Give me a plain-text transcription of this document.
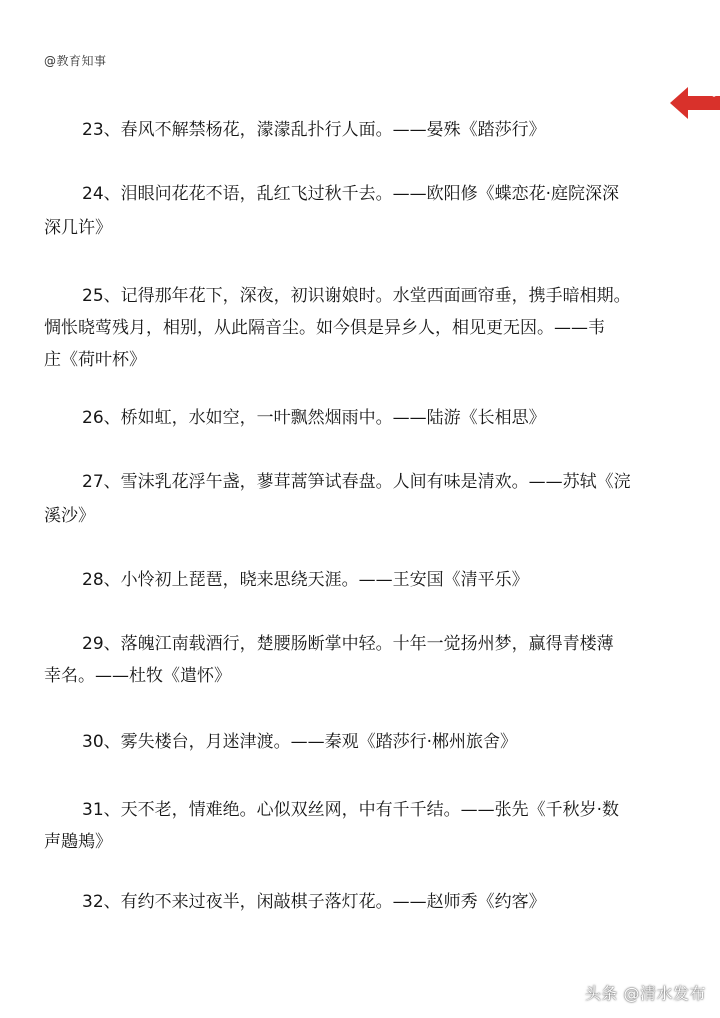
@教育知事
1
23、春风不解禁杨花，濛濛乱扑行人面。——晏殊《踏莎行》
24、泪眼问花花不语，乱红飞过秋千去。——欧阳修《蝶恋花·庭院深深
深几许》
25、记得那年花下，深夜，初识谢娘时。水堂西面画帘垂，携手暗相期。
惆怅晓莺残月，相别，从此隔音尘。如今俱是异乡人，相见更无因。——韦
庄《荷叶杯》
26、桥如虹，水如空，一叶飘然烟雨中。——陆游《长相思》
27、雪沫乳花浮午盏，蓼茸蒿笋试春盘。人间有味是清欢。——苏轼《浣
溪沙》
28、小怜初上琵琶，晓来思绕天涯。——王安国《清平乐》
29、落魄江南载酒行，楚腰肠断掌中轻。十年一觉扬州梦，赢得青楼薄
幸名。——杜牧《遣怀》
30、雾失楼台，月迷津渡。——秦观《踏莎行·郴州旅舍》
31、天不老，情难绝。心似双丝网，中有千千结。——张先《千秋岁·数
声鶗鴂》
32、有约不来过夜半，闲敲棋子落灯花。——赵师秀《约客》
头条 @清水发布
